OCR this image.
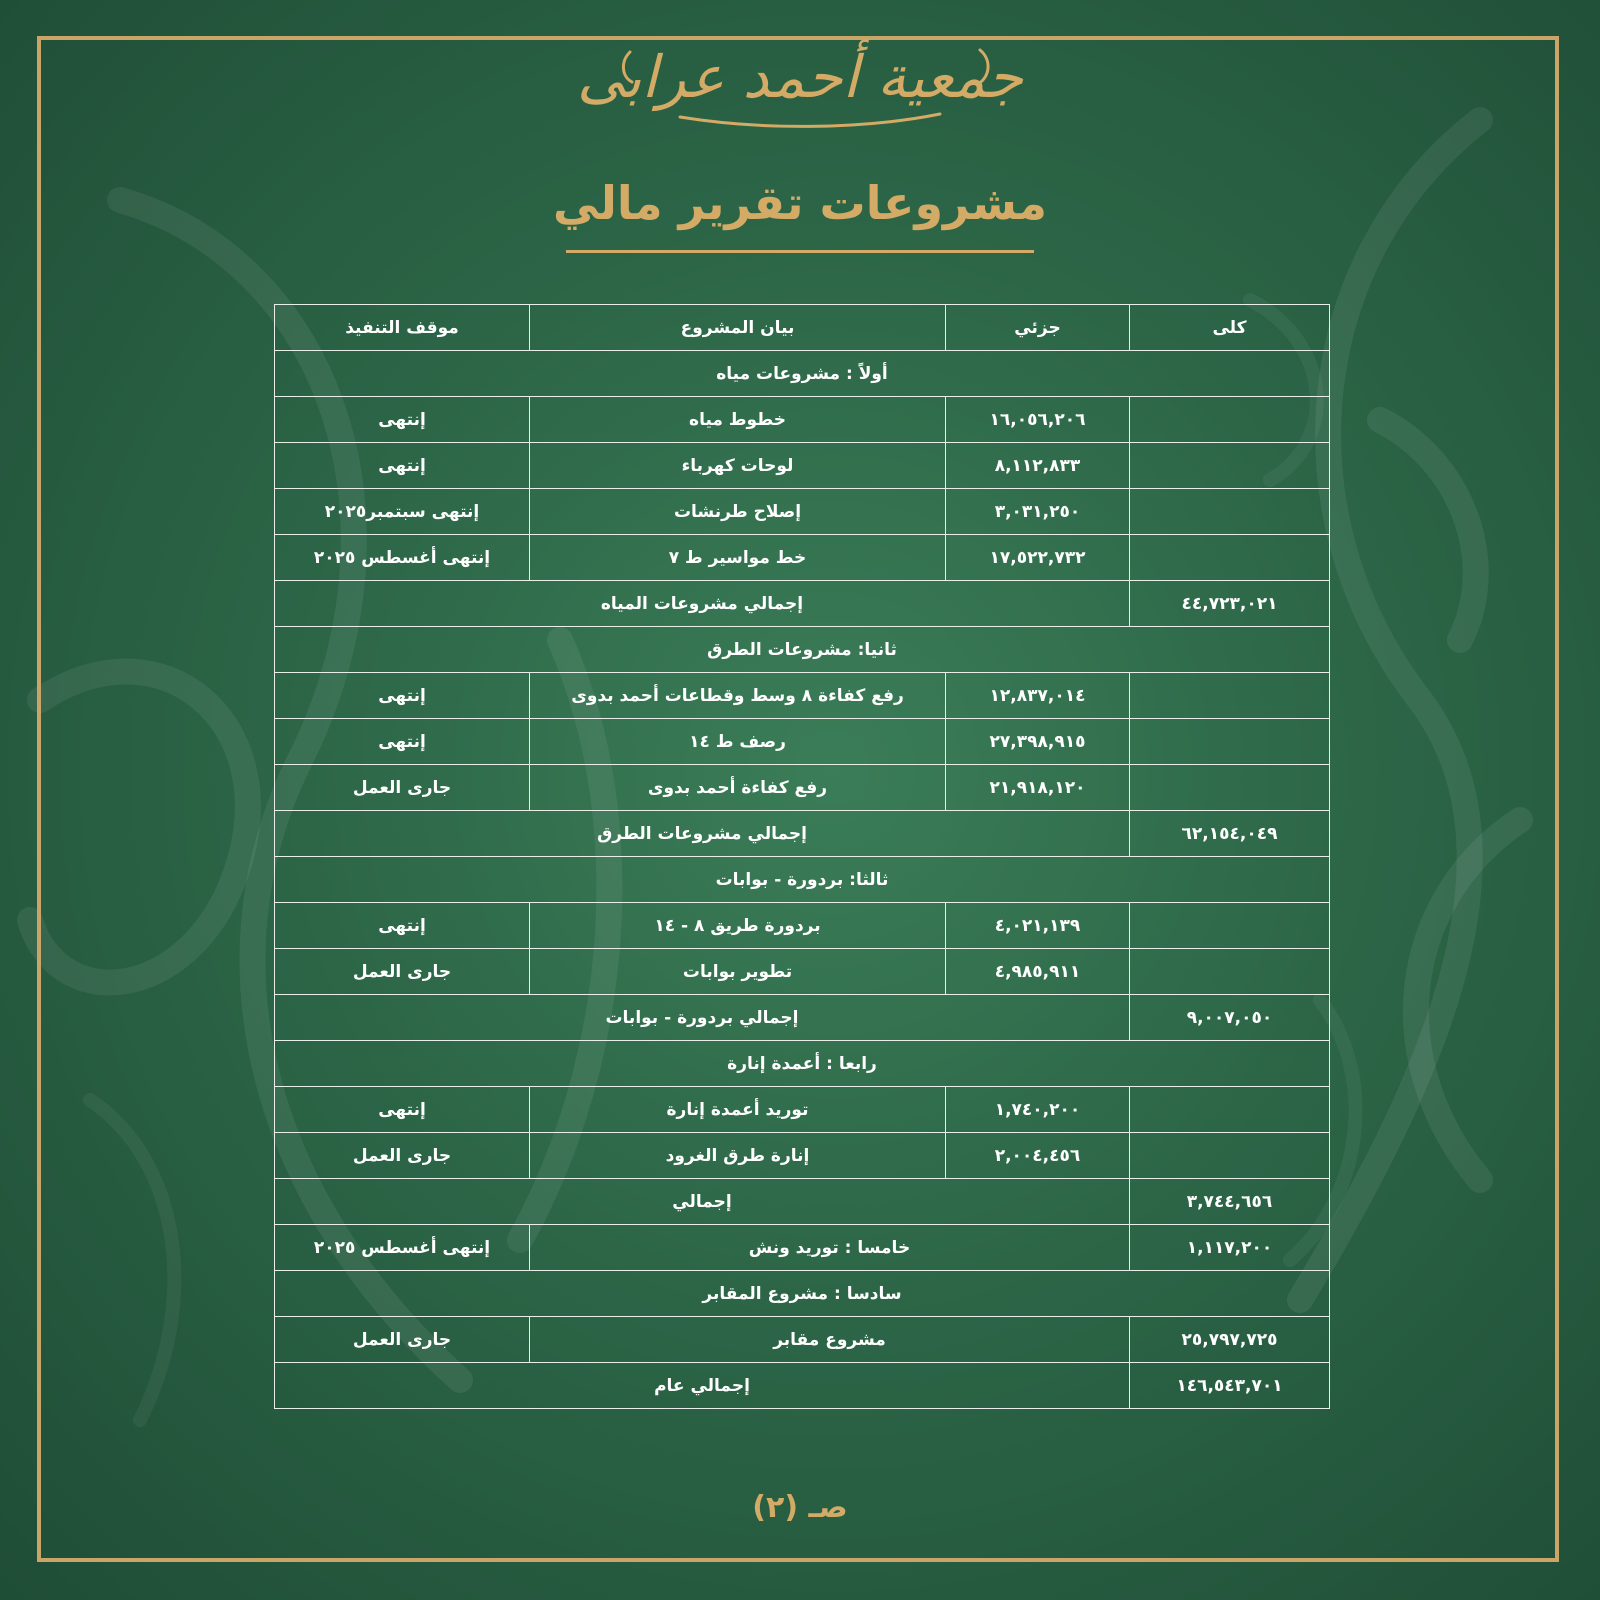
جمعية أحمد عرابى
مشروعات تقرير مالي
كلى	جزئي	بيان المشروع	موقف التنفيذ
أولاً : مشروعات مياه			
	١٦,٠٥٦,٢٠٦	خطوط مياه	إنتهى
	٨,١١٢,٨٣٣	لوحات كهرباء	إنتهى
	٣,٠٣١,٢٥٠	إصلاح طرنشات	إنتهى سبتمبر٢٠٢٥
	١٧,٥٢٢,٧٣٢	خط مواسير ط ٧	إنتهى أغسطس ٢٠٢٥
٤٤,٧٢٣,٠٢١	إجمالي مشروعات المياه		
ثانيا: مشروعات الطرق			
	١٢,٨٣٧,٠١٤	رفع كفاءة ٨ وسط وقطاعات أحمد بدوى	إنتهى
	٢٧,٣٩٨,٩١٥	رصف ط ١٤	إنتهى
	٢١,٩١٨,١٢٠	رفع كفاءة أحمد بدوى	جارى العمل
٦٢,١٥٤,٠٤٩	إجمالي مشروعات الطرق		
ثالثا: بردورة - بوابات			
	٤,٠٢١,١٣٩	بردورة طريق ٨ - ١٤	إنتهى
	٤,٩٨٥,٩١١	تطوير بوابات	جارى العمل
٩,٠٠٧,٠٥٠	إجمالي بردورة - بوابات		
رابعا : أعمدة إنارة			
	١,٧٤٠,٢٠٠	توريد أعمدة إنارة	إنتهى
	٢,٠٠٤,٤٥٦	إنارة طرق الغرود	جارى العمل
٣,٧٤٤,٦٥٦	إجمالي		
١,١١٧,٢٠٠	خامسا : توريد ونش		إنتهى أغسطس ٢٠٢٥
سادسا : مشروع المقابر			
٢٥,٧٩٧,٧٢٥	مشروع مقابر		جارى العمل
١٤٦,٥٤٣,٧٠١	إجمالي عام		
صـ (٢)
